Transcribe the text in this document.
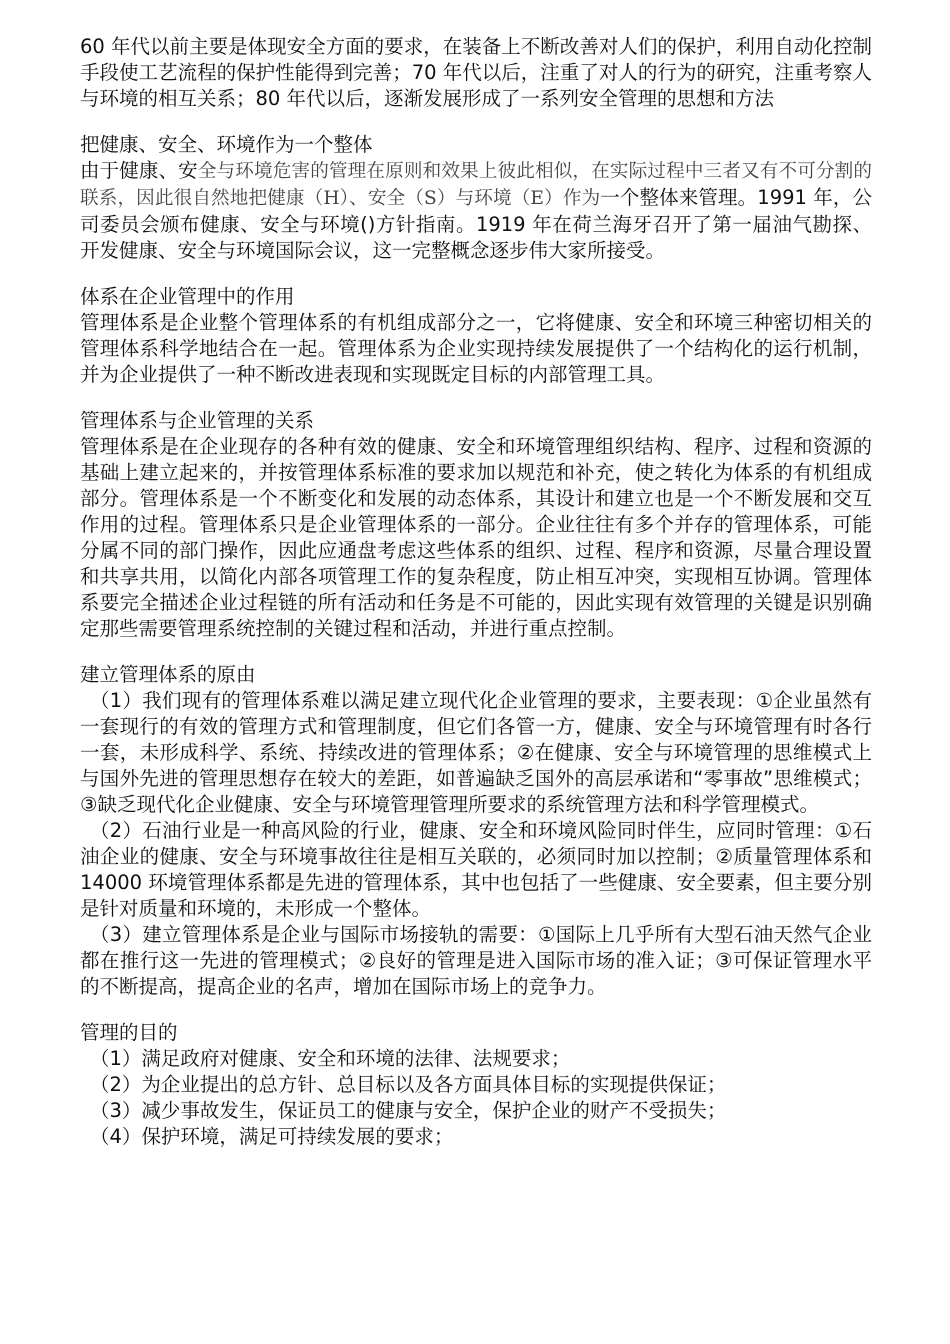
60 年代以前主要是体现安全方面的要求，在装备上不断改善对人们的保护，利用自动化控制手段使工艺流程的保护性能得到完善；70 年代以后，注重了对人的行为的研究，注重考察人与环境的相互关系；80 年代以后，逐渐发展形成了一系列安全管理的思想和方法

把健康、安全、环境作为一个整体

由于健康、安全与环境危害的管理在原则和效果上彼此相似，在实际过程中三者又有不可分割的联系，因此很自然地把健康（H）、安全（S）与环境（E）作为一个整体来管理。1991 年，公司委员会颁布健康、安全与环境()方针指南。1919 年在荷兰海牙召开了第一届油气勘探、开发健康、安全与环境国际会议，这一完整概念逐步伟大家所接受。

体系在企业管理中的作用

管理体系是企业整个管理体系的有机组成部分之一，它将健康、安全和环境三种密切相关的管理体系科学地结合在一起。管理体系为企业实现持续发展提供了一个结构化的运行机制，并为企业提供了一种不断改进表现和实现既定目标的内部管理工具。

管理体系与企业管理的关系

管理体系是在企业现存的各种有效的健康、安全和环境管理组织结构、程序、过程和资源的基础上建立起来的，并按管理体系标准的要求加以规范和补充，使之转化为体系的有机组成部分。管理体系是一个不断变化和发展的动态体系，其设计和建立也是一个不断发展和交互作用的过程。管理体系只是企业管理体系的一部分。企业往往有多个并存的管理体系，可能分属不同的部门操作，因此应通盘考虑这些体系的组织、过程、程序和资源，尽量合理设置和共享共用，以简化内部各项管理工作的复杂程度，防止相互冲突，实现相互协调。管理体系要完全描述企业过程链的所有活动和任务是不可能的，因此实现有效管理的关键是识别确定那些需要管理系统控制的关键过程和活动，并进行重点控制。

建立管理体系的原由

（1）我们现有的管理体系难以满足建立现代化企业管理的要求，主要表现：①企业虽然有一套现行的有效的管理方式和管理制度，但它们各管一方，健康、安全与环境管理有时各行一套，未形成科学、系统、持续改进的管理体系；②在健康、安全与环境管理的思维模式上与国外先进的管理思想存在较大的差距，如普遍缺乏国外的高层承诺和“零事故”思维模式；③缺乏现代化企业健康、安全与环境管理管理所要求的系统管理方法和科学管理模式。

（2）石油行业是一种高风险的行业，健康、安全和环境风险同时伴生，应同时管理：①石油企业的健康、安全与环境事故往往是相互关联的，必须同时加以控制；②质量管理体系和 14000 环境管理体系都是先进的管理体系，其中也包括了一些健康、安全要素，但主要分别是针对质量和环境的，未形成一个整体。

（3）建立管理体系是企业与国际市场接轨的需要：①国际上几乎所有大型石油天然气企业都在推行这一先进的管理模式；②良好的管理是进入国际市场的准入证；③可保证管理水平的不断提高，提高企业的名声，增加在国际市场上的竞争力。

管理的目的

（1）满足政府对健康、安全和环境的法律、法规要求；

（2）为企业提出的总方针、总目标以及各方面具体目标的实现提供保证；

（3）减少事故发生，保证员工的健康与安全，保护企业的财产不受损失；

（4）保护环境，满足可持续发展的要求；
